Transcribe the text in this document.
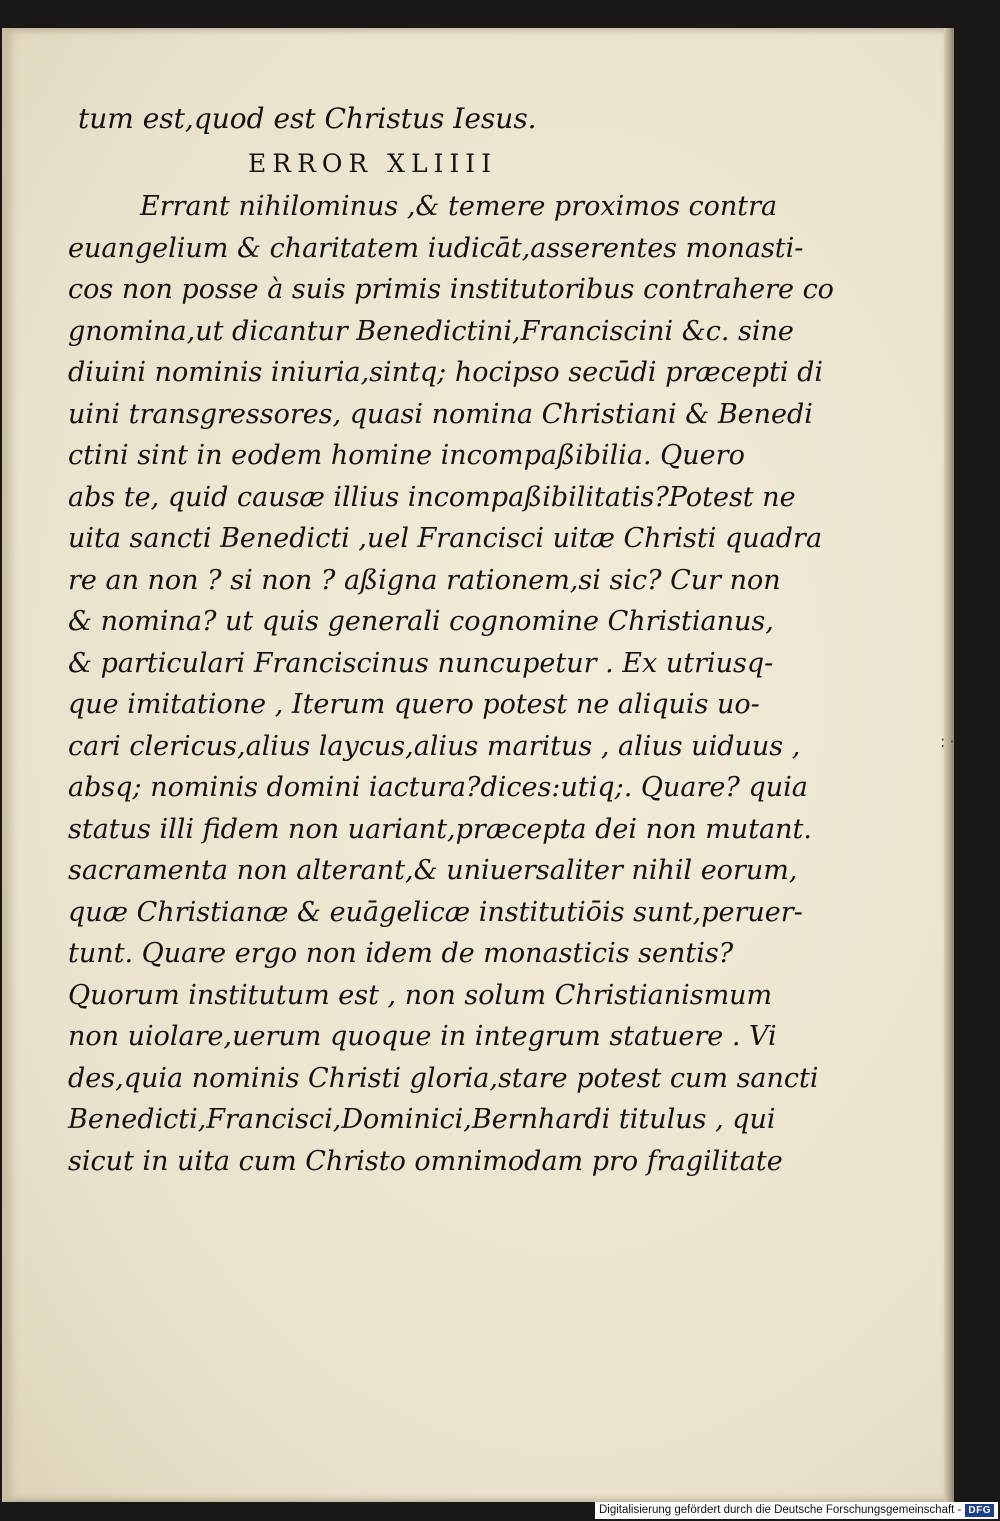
:·
tum est,quod est Christus Iesus.
ERROR XLIIII
Errant nihilominus ,& temere proximos contra
euangelium & charitatem iudicāt,asserentes monasti-
cos non posse à suis primis institutoribus contrahere co
gnomina,ut dicantur Benedictini,Franciscini &c. sine
diuini nominis iniuria,sintq; hocipso secūdi præcepti di
uini transgressores, quasi nomina Christiani & Benedi
ctini sint in eodem homine incompaßibilia. Quero
abs te, quid causæ illius incompaßibilitatis?Potest ne
uita sancti Benedicti ,uel Francisci uitæ Christi quadra
re an non ? si non ? aßigna rationem,si sic? Cur non
& nomina? ut quis generali cognomine Christianus,
& particulari Franciscinus nuncupetur . Ex utriusq-
que imitatione , Iterum quero potest ne aliquis uo-
cari clericus,alius laycus,alius maritus , alius uiduus ,
absq; nominis domini iactura?dices:utiq;. Quare? quia
status illi fidem non uariant,præcepta dei non mutant.
sacramenta non alterant,& uniuersaliter nihil eorum,
quæ Christianæ & euāgelicæ institutiōis sunt,peruer-
tunt. Quare ergo non idem de monasticis sentis?
Quorum institutum est , non solum Christianismum
non uiolare,uerum quoque in integrum statuere . Vi
des,quia nominis Christi gloria,stare potest cum sancti
Benedicti,Francisci,Dominici,Bernhardi titulus , qui
sicut in uita cum Christo omnimodam pro fragilitate
Digitalisierung gefördert durch die Deutsche Forschungsgemeinschaft - DFG
